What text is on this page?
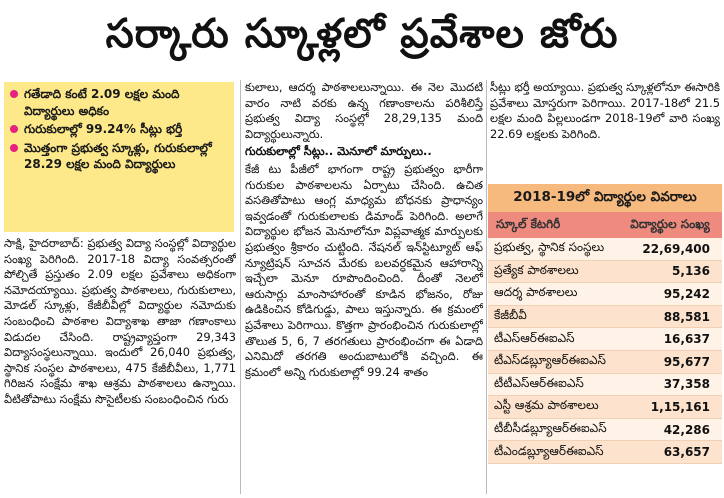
సర్కారు స్కూళ్లలో ప్రవేశాల జోరు
గతేడాది కంటే 2.09 లక్షల మంది విద్యార్థులు అధికం
గురుకులాల్లో 99.24% సీట్లు భర్తీ
మొత్తంగా ప్రభుత్వ స్కూళ్లు, గురుకులాల్లో 28.29 లక్షల మంది విద్యార్థులు

సాక్షి, హైదరాబాద్: ప్రభుత్వ విద్యా సంస్థల్లో విద్యార్థుల సంఖ్య పెరిగింది. 2017-18 విద్యా సంవత్సరంతో పోల్చితే ప్రస్తుతం 2.09 లక్షల ప్రవేశాలు అధికంగా నమోదయ్యాయి. ప్రభుత్వ పాఠశాలలు, గురుకులాలు, మోడల్ స్కూళ్లు, కేజీబీవీల్లో విద్యార్థుల నమోదుకు సంబంధించి పాఠశాల విద్యాశాఖ తాజా గణాంకాలు విడుదల చేసింది. రాష్ట్రవ్యాప్తంగా 29,343 విద్యాసంస్థలున్నాయి. ఇందులో 26,040 ప్రభుత్వ, స్థానిక సంస్థల పాఠశాలలు, 475 కేజీబీవీలు, 1,771 గిరిజన సంక్షేమ శాఖ ఆశ్రమ పాఠశాలలు ఉన్నాయి. వీటితోపాటు సంక్షేమ సొసైటీలకు సంబంధించిన గురు

కులాలు, ఆదర్శ పాఠశాలలున్నాయి. ఈ నెల మొదటి వారం నాటి వరకు ఉన్న గణాంకాలను పరిశీలిస్తే ప్రభుత్వ విద్యా సంస్థల్లో 28,29,135 మంది విద్యార్థులున్నారు.

గురుకులాల్లో సీట్లు.. మెనూలో మార్పులు..

కేజీ టు పీజీలో భాగంగా రాష్ట్ర ప్రభుత్వం భారీగా గురుకుల పాఠశాలలను ఏర్పాటు చేసింది. ఉచిత వసతితోపాటు ఆంగ్ల మాధ్యమ బోధనకు ప్రాధాన్యం ఇవ్వడంతో గురుకులాలకు డిమాండ్ పెరిగింది. అలాగే విద్యార్థుల భోజన మెనూలోనూ విప్లవాత్మక మార్పులకు ప్రభుత్వం శ్రీకారం చుట్టింది. నేషనల్ ఇన్‌స్టిట్యూట్ ఆఫ్ న్యూట్రిషన్ సూచన మేరకు బలవర్ధకమైన ఆహారాన్ని ఇచ్చేలా మెనూ రూపొందించింది. దీంతో నెలలో ఆరుసార్లు మాంసాహారంతో కూడిన భోజనం, రోజు ఉడికించిన కోడిగుడ్డు, పాలు ఇస్తున్నారు. ఈ క్రమంలో ప్రవేశాలు పెరిగాయి. కొత్తగా ప్రారంభించిన గురుకులాల్లో తొలుత 5, 6, 7 తరగతులు ప్రారంభించగా ఈ ఏడాది ఎనిమిదో తరగతి అందుబాటులోకి వచ్చింది. ఈ క్రమంలో అన్ని గురుకులాల్లో 99.24 శాతం

సీట్లు భర్తీ అయ్యాయి. ప్రభుత్వ స్కూళ్లలోనూ ఈసారికి ప్రవేశాలు మోస్తరుగా పెరిగాయి. 2017-18లో 21.5 లక్షల మంది పిల్లలుండగా 2018-19లో వారి సంఖ్య 22.69 లక్షలకు పెరిగింది.

2018-19లో విద్యార్థుల వివరాలు
స్కూల్ కేటగిరీ	విద్యార్థుల సంఖ్య
ప్రభుత్వ, స్థానిక సంస్థలు	22,69,400
ప్రత్యేక పాఠశాలలు	5,136
ఆదర్శ పాఠశాలలు	95,242
కేజీబీవీ	88,581
టీఎస్‌ఆర్‌ఈఐఎస్	16,637
టీఎస్‌డబ్ల్యూఆర్‌ఈఐఎస్	95,677
టీటీఎస్‌ఆర్‌ఈఐఎస్	37,358
ఎస్టీ ఆశ్రమ పాఠశాలలు	1,15,161
టీబీసీడబ్ల్యూఆర్‌ఈఐఎస్	42,286
టీఎండబ్ల్యూఆర్‌ఈఐఎస్	63,657
